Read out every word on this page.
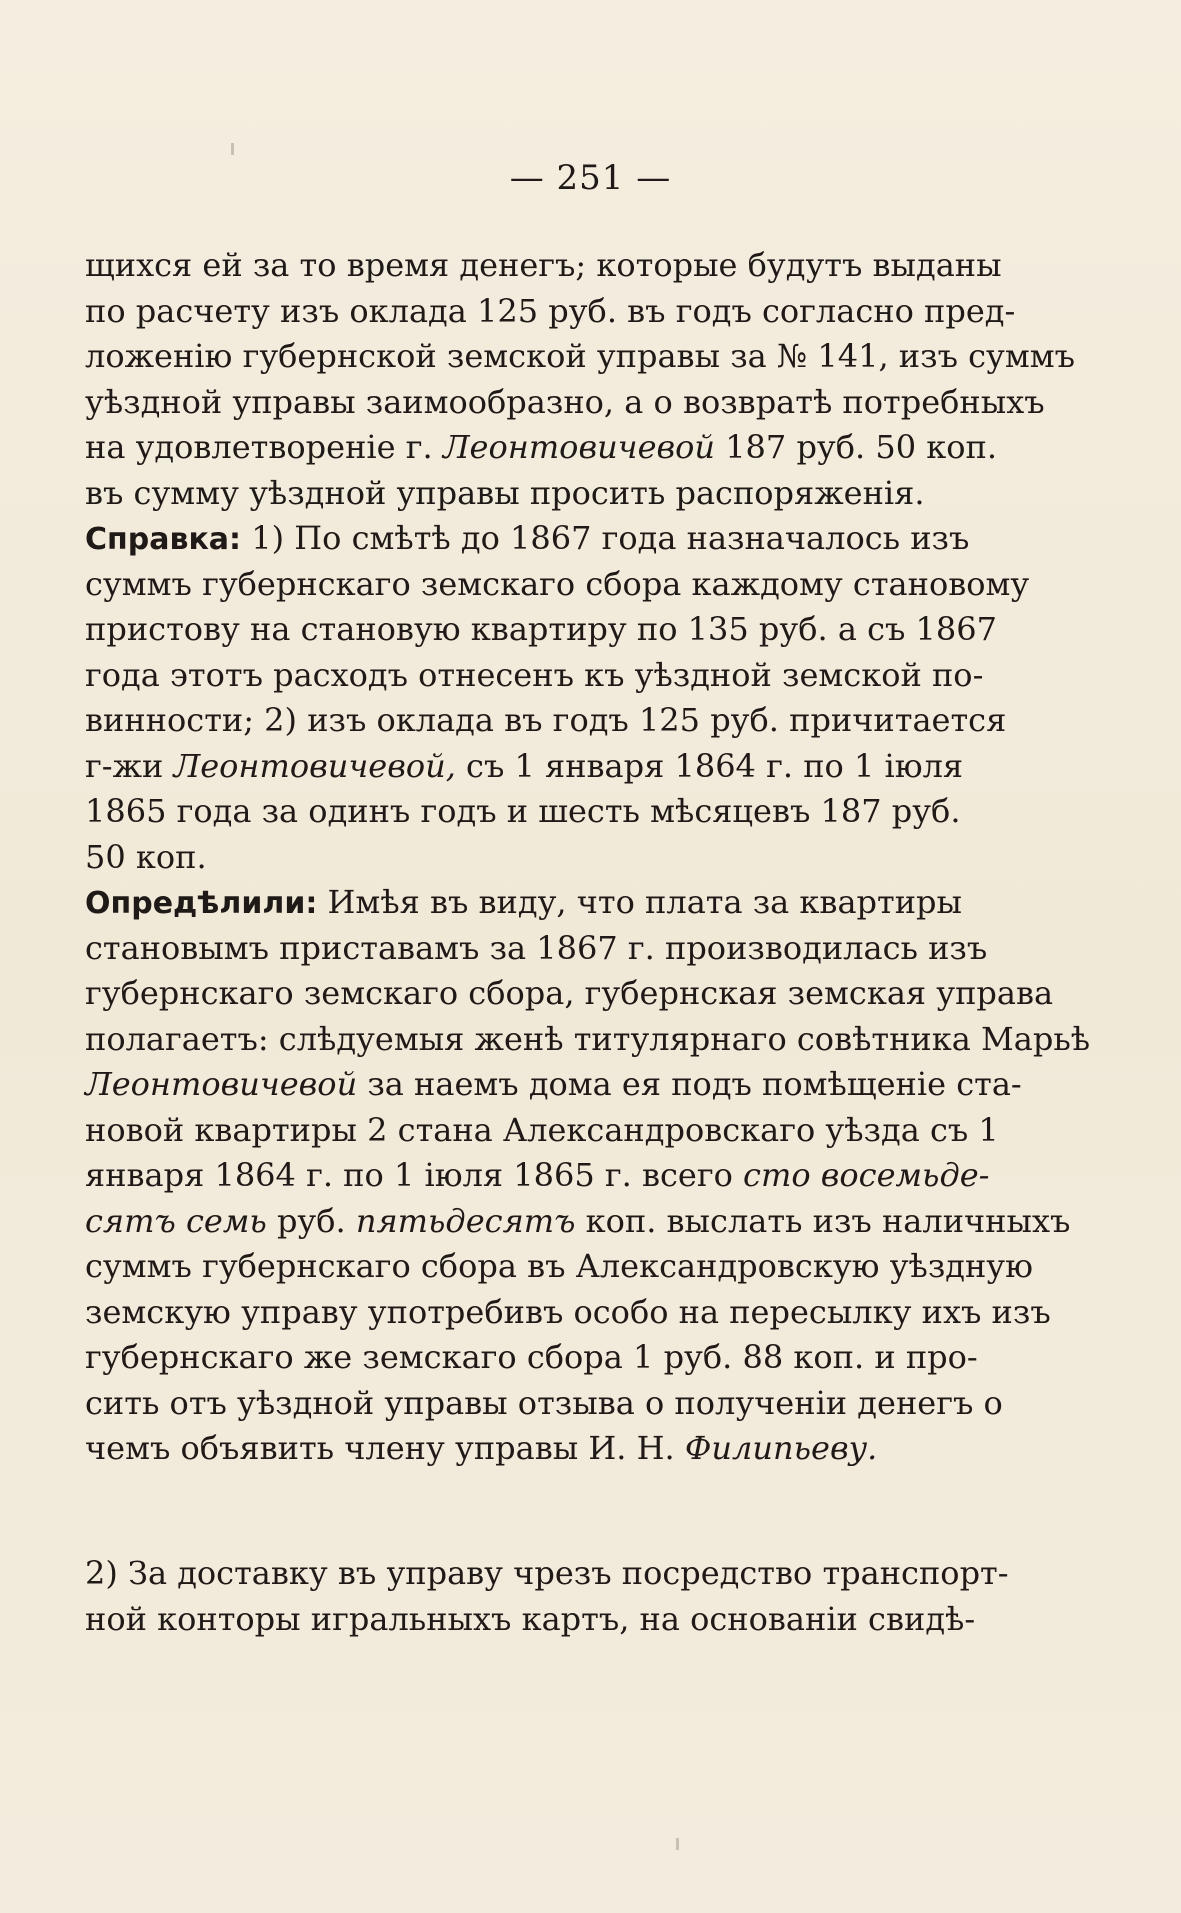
— 251 —
щихся ей за то время денегъ; которые будутъ выданы
по расчету изъ оклада 125 руб. въ годъ согласно пред-
ложенію губернской земской управы за № 141, изъ суммъ
уѣздной управы заимообразно, а о возвратѣ потребныхъ
на удовлетвореніе г. Леонтовичевой 187 руб. 50 коп.
въ сумму уѣздной управы просить распоряженія.
Справка: 1) По смѣтѣ до 1867 года назначалось изъ
суммъ губернскаго земскаго сбора каждому становому
пристову на становую квартиру по 135 руб. а съ 1867
года этотъ расходъ отнесенъ къ уѣздной земской по-
винности; 2) изъ оклада въ годъ 125 руб. причитается
г-жи Леонтовичевой, съ 1 января 1864 г. по 1 іюля
1865 года за одинъ годъ и шесть мѣсяцевъ 187 руб.
50 коп.
Опредѣлили: Имѣя въ виду, что плата за квартиры
становымъ приставамъ за 1867 г. производилась изъ
губернскаго земскаго сбора, губернская земская управа
полагаетъ: слѣдуемыя женѣ титулярнаго совѣтника Марьѣ
Леонтовичевой за наемъ дома ея подъ помѣщеніе ста-
новой квартиры 2 стана Александровскаго уѣзда съ 1
января 1864 г. по 1 іюля 1865 г. всего сто восемьде-
сятъ семь руб. пятьдесятъ коп. выслать изъ наличныхъ
суммъ губернскаго сбора въ Александровскую уѣздную
земскую управу употребивъ особо на пересылку ихъ изъ
губернскаго же земскаго сбора 1 руб. 88 коп. и про-
сить отъ уѣздной управы отзыва о полученіи денегъ о
чемъ объявить члену управы И. Н. Филипьеву.
2) За доставку въ управу чрезъ посредство транспорт-
ной конторы игральныхъ картъ, на основаніи свидѣ-
